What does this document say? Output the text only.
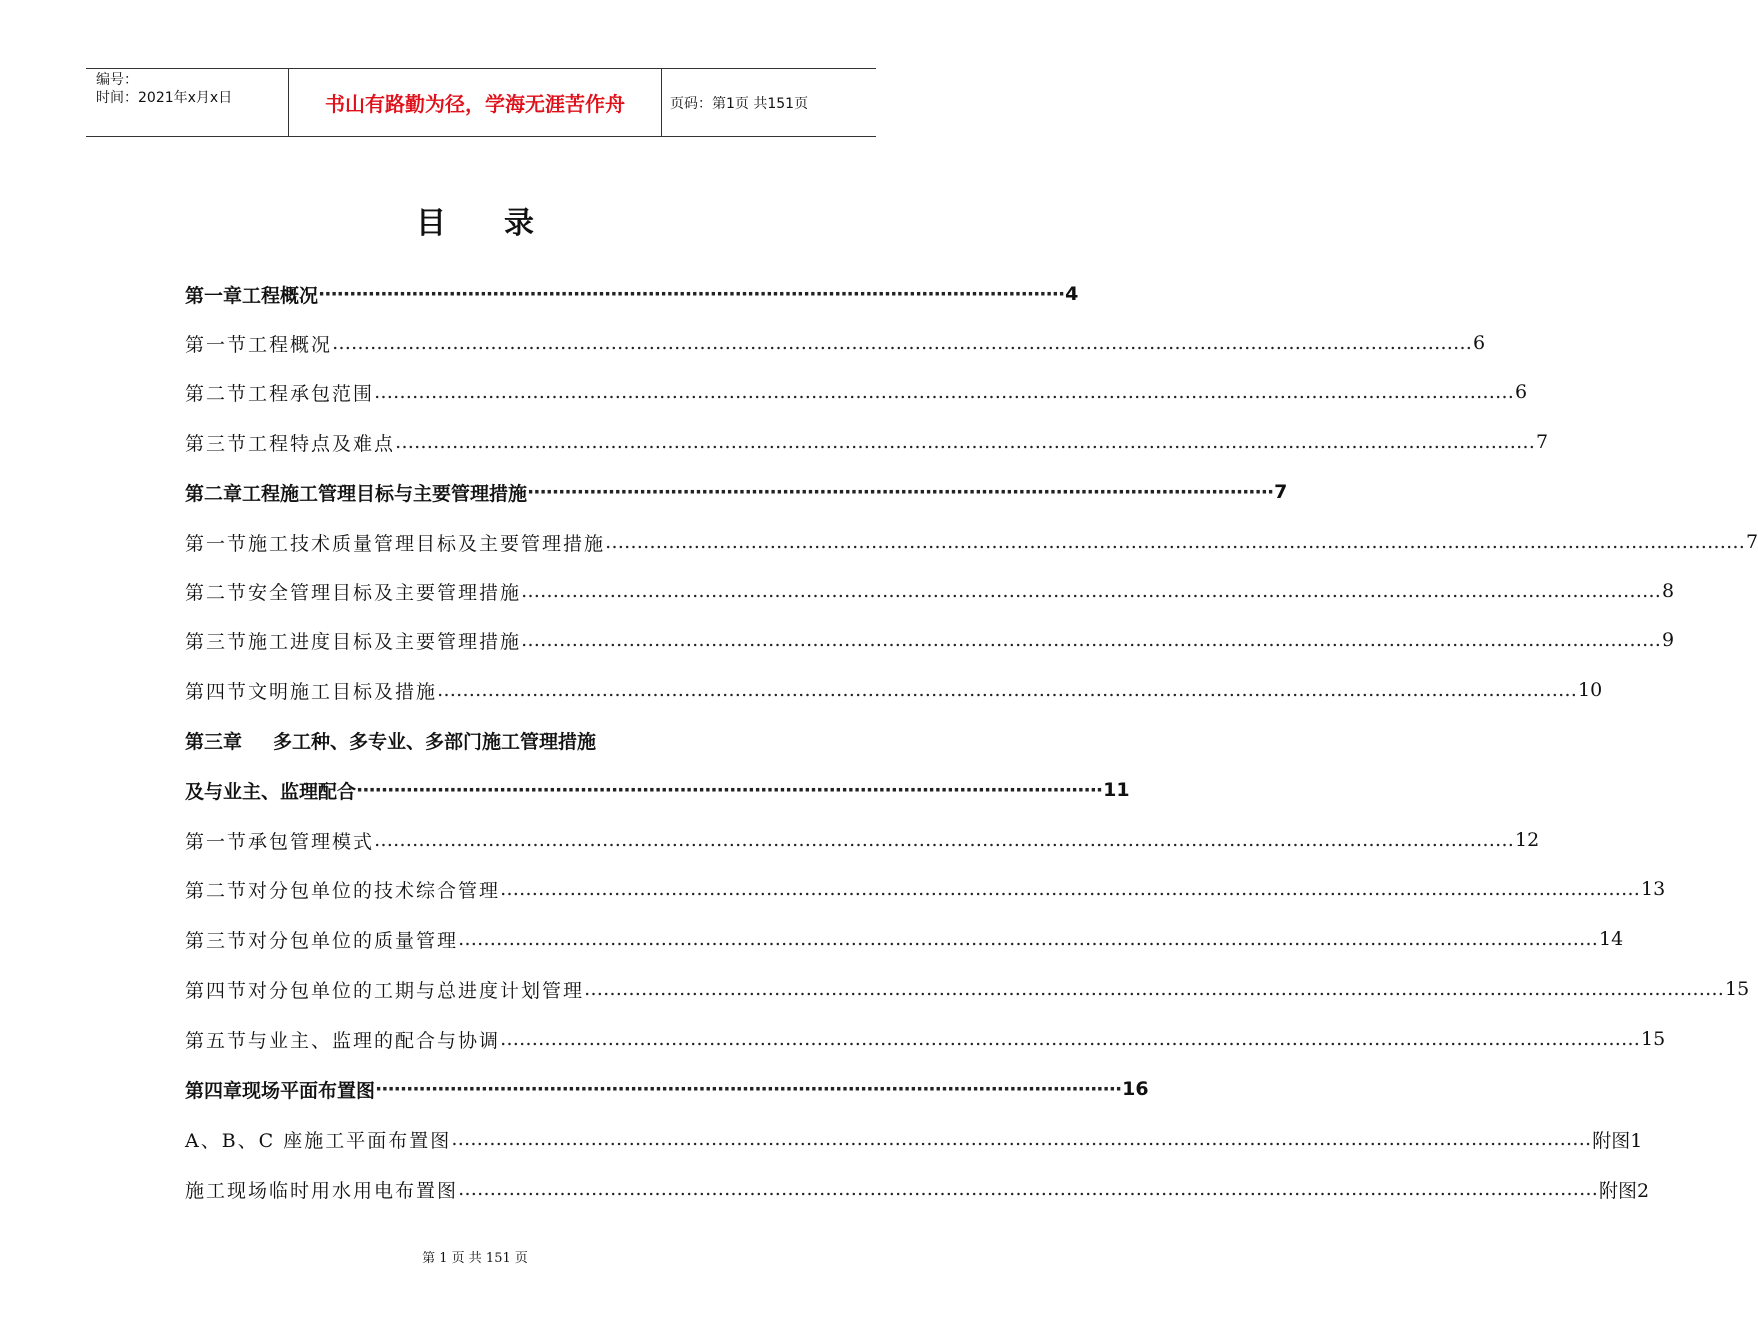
编号：
时间：2021年x月x日	书山有路勤为径，学海无涯苦作舟	页码：第1页 共151页
目 录
第一章 工程概况 ························································································································ 4
第一节 工程概况 ……………………………………………………………………………………………………………………………………………………………… 6
第二节 工程承包范围 ……………………………………………………………………………………………………………………………………………………………… 6
第三节 工程特点及难点 ……………………………………………………………………………………………………………………………………………………………… 7
第二章 工程施工管理目标与主要管理措施 ························································································································ 7
第一节 施工技术质量管理目标及主要管理措施 ……………………………………………………………………………………………………………………………………………………………… 7
第二节 安全管理目标及主要管理措施 ……………………………………………………………………………………………………………………………………………………………… 8
第三节 施工进度目标及主要管理措施 ……………………………………………………………………………………………………………………………………………………………… 9
第四节 文明施工目标及措施 ……………………………………………………………………………………………………………………………………………………………… 10
第三章	多工种、多专业、多部门施工管理措施
及与业主、监理配合 ························································································································ 11
第一节 承包管理模式 ……………………………………………………………………………………………………………………………………………………………… 12
第二节 对分包单位的技术综合管理 ……………………………………………………………………………………………………………………………………………………………… 13
第三节 对分包单位的质量管理 ……………………………………………………………………………………………………………………………………………………………… 14
第四节 对分包单位的工期与总进度计划管理 ……………………………………………………………………………………………………………………………………………………………… 15
第五节 与业主、监理的配合与协调 ……………………………………………………………………………………………………………………………………………………………… 15
第四章 现场平面布置图 ························································································································ 16
A、B、C 座施工平面布置图 ……………………………………………………………………………………………………………………………………………………………… 附图1
施工现场临时用水用电布置图 ……………………………………………………………………………………………………………………………………………………………… 附图2
第 1 页 共 151 页
